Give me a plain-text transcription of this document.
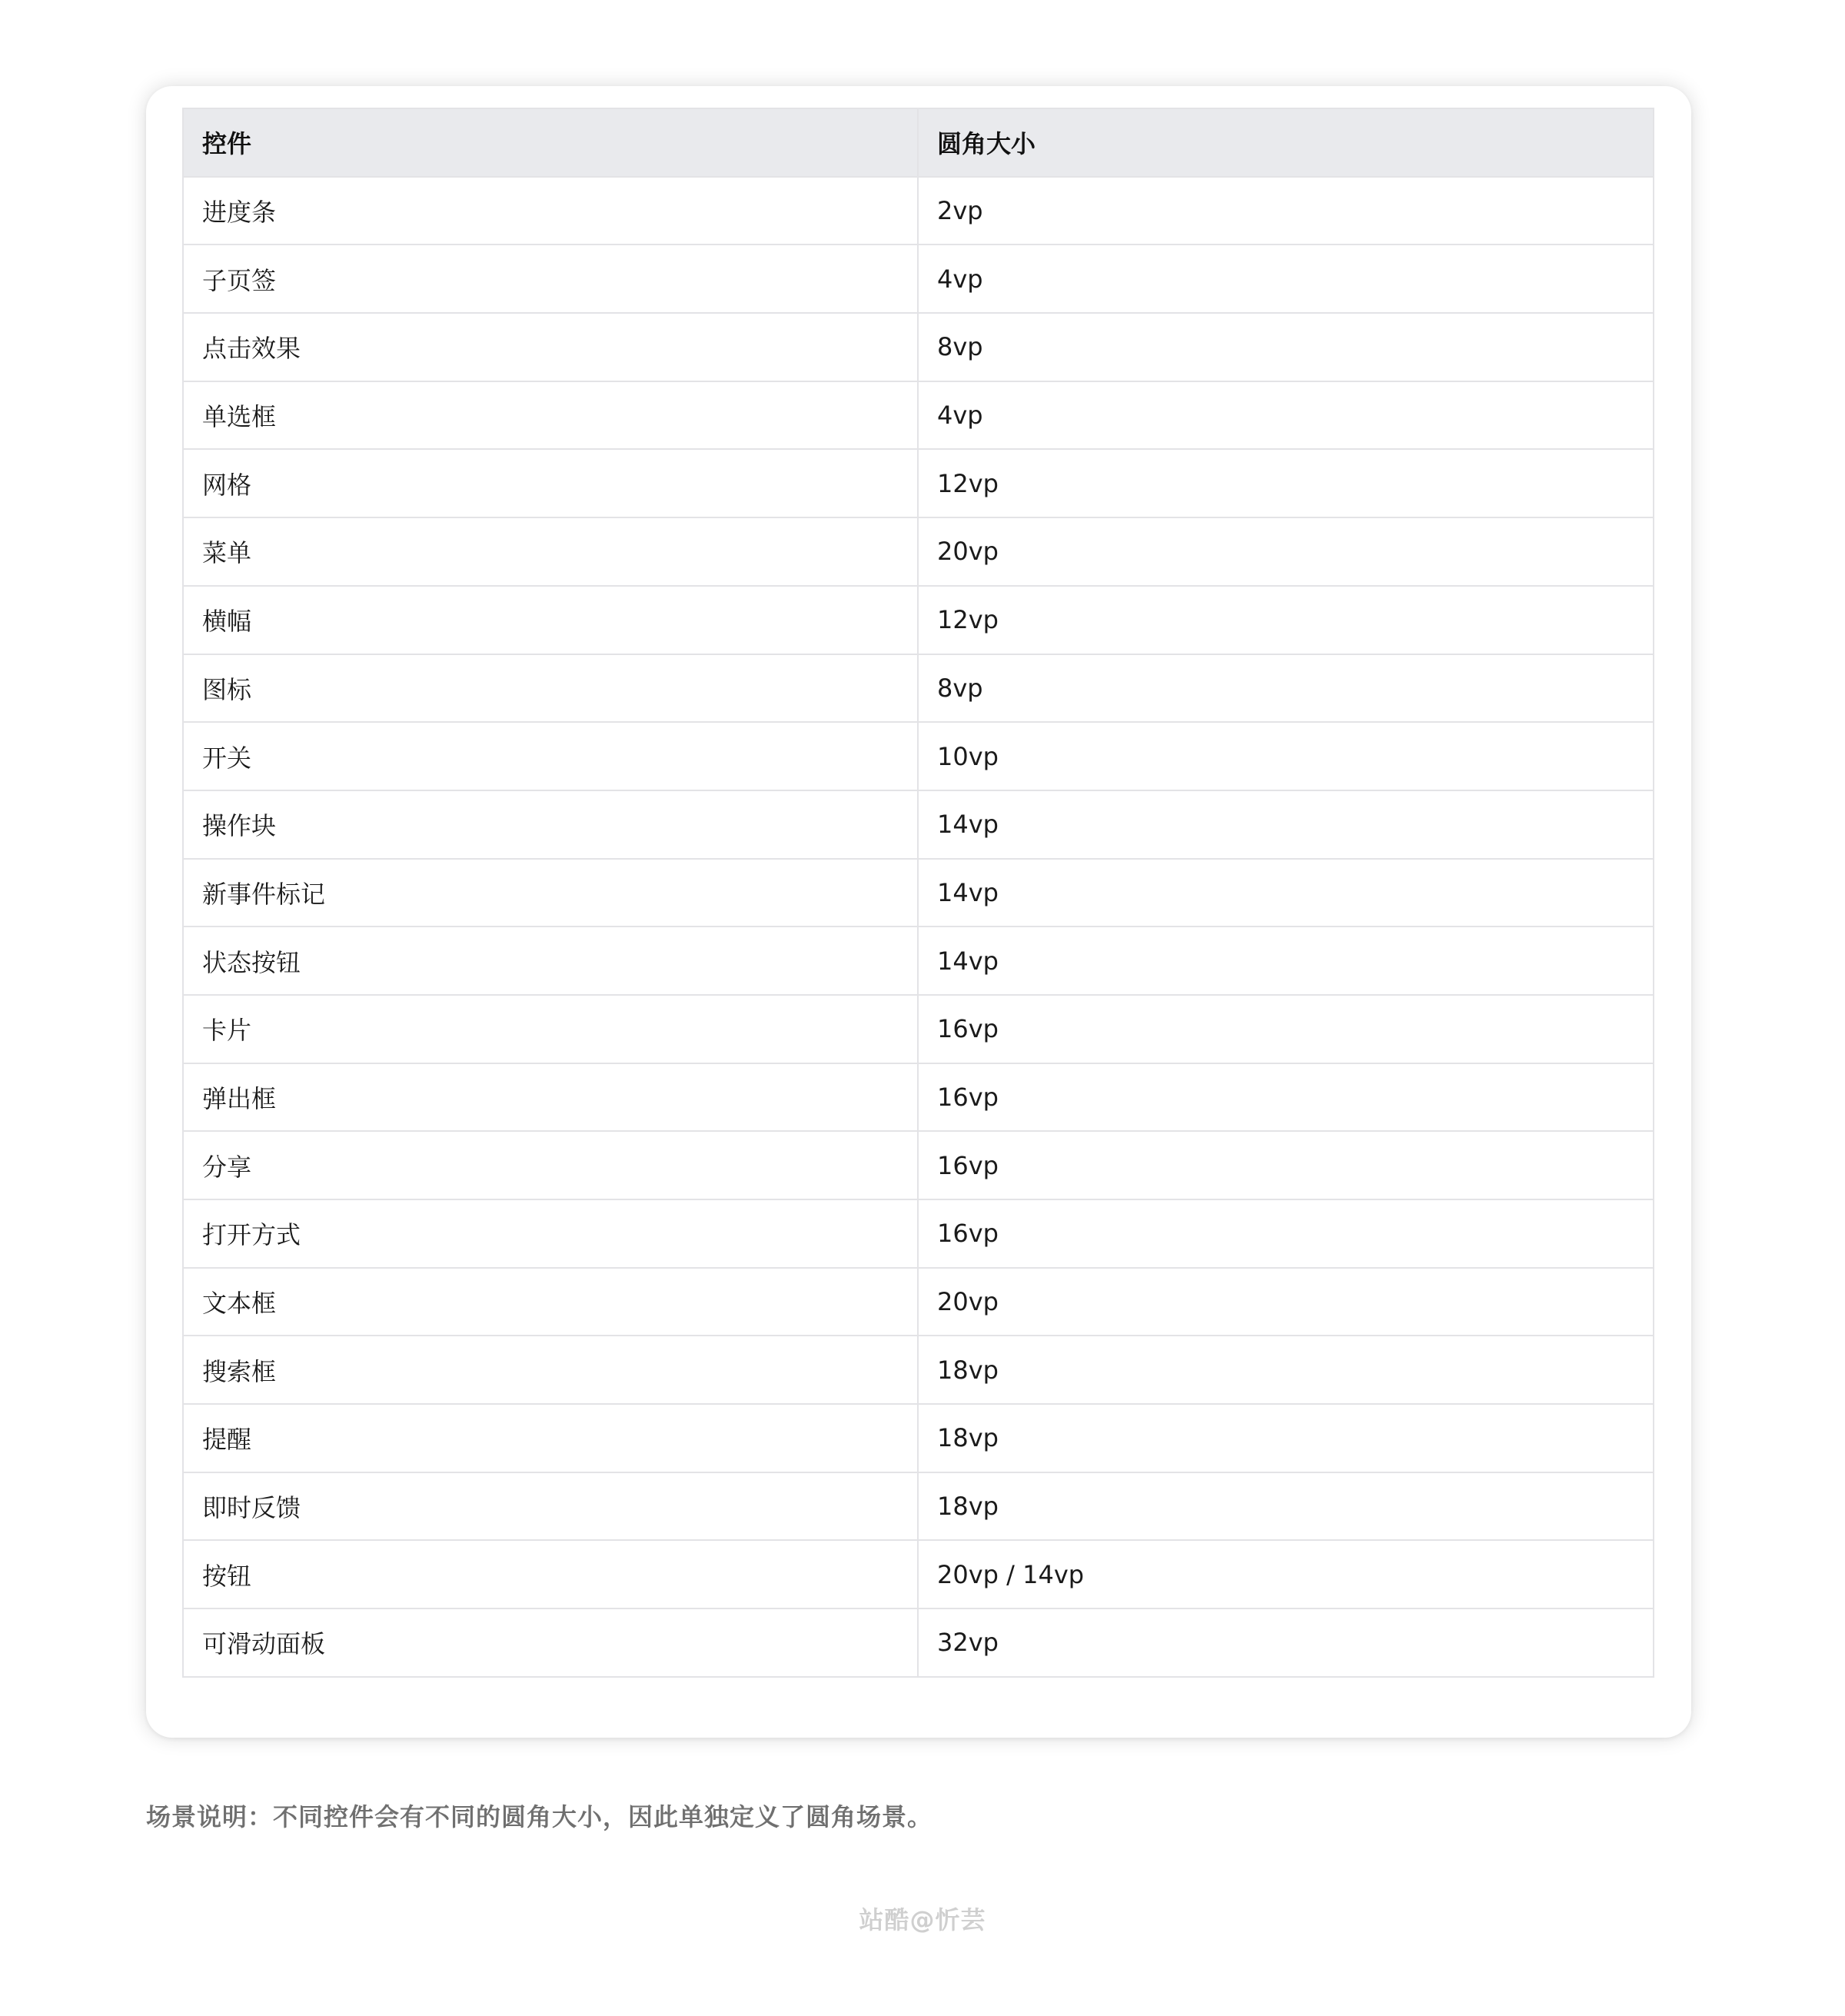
控件	圆角大小
进度条	2vp
子页签	4vp
点击效果	8vp
单选框	4vp
网格	12vp
菜单	20vp
横幅	12vp
图标	8vp
开关	10vp
操作块	14vp
新事件标记	14vp
状态按钮	14vp
卡片	16vp
弹出框	16vp
分享	16vp
打开方式	16vp
文本框	20vp
搜索框	18vp
提醒	18vp
即时反馈	18vp
按钮	20vp / 14vp
可滑动面板	32vp
场景说明：不同控件会有不同的圆角大小，因此单独定义了圆角场景。
站酷@忻芸
